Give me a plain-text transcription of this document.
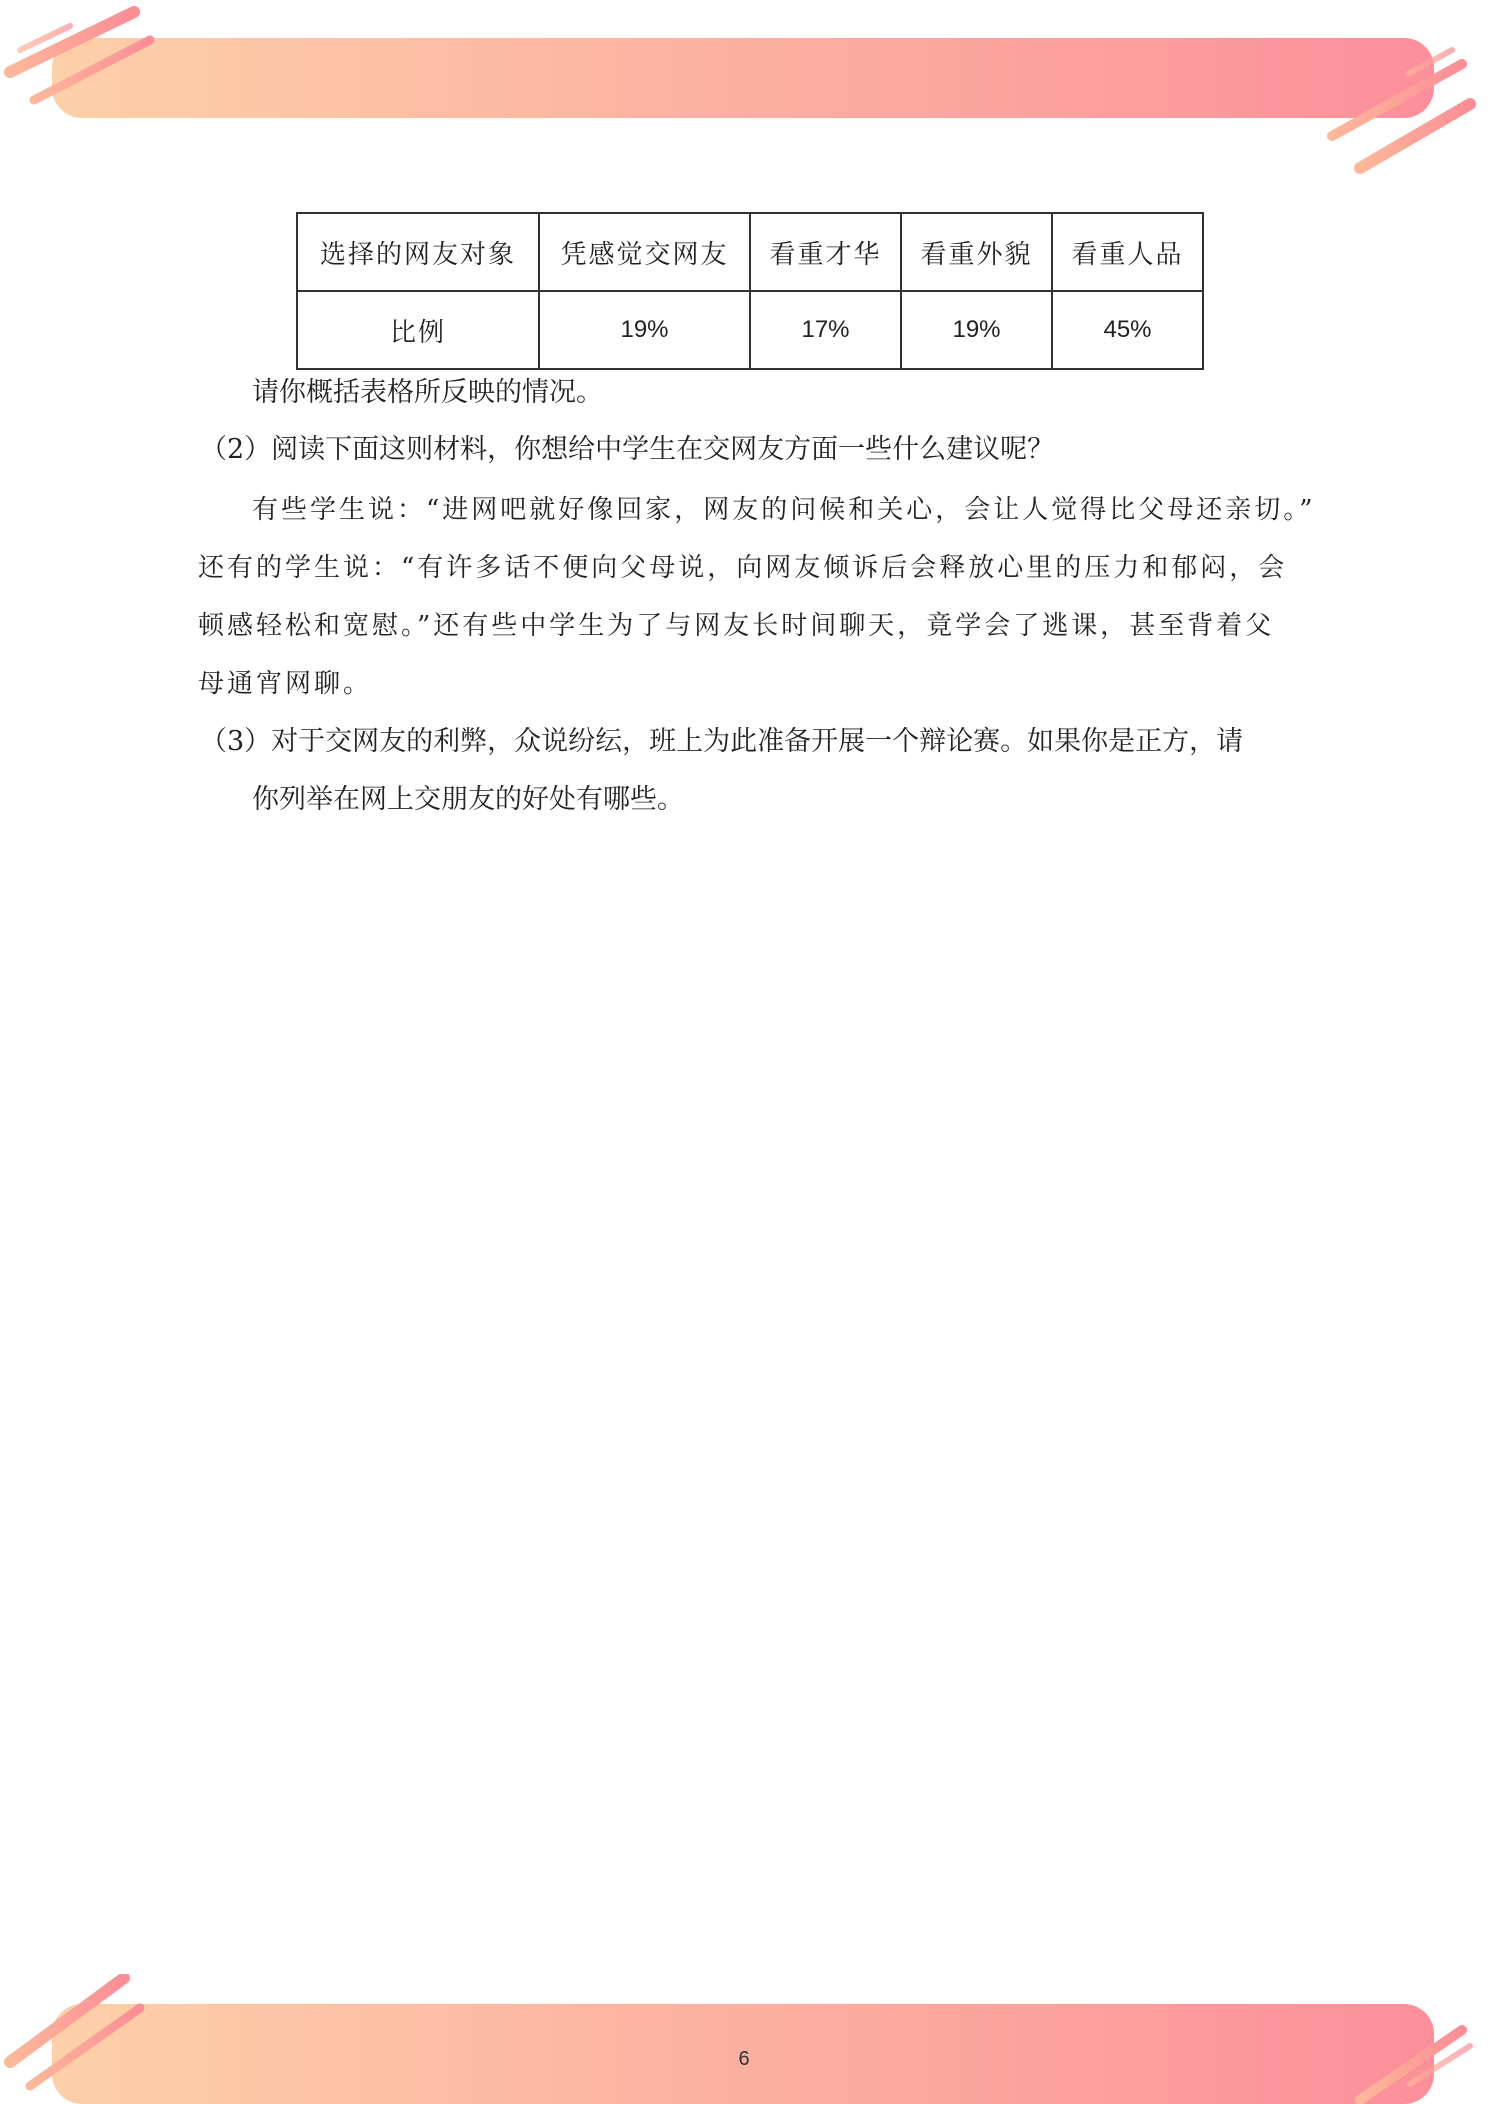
选择的网友对象	凭感觉交网友	看重才华	看重外貌	看重人品
比例	19%	17%	19%	45%
请你概括表格所反映的情况。
（2）阅读下面这则材料，你想给中学生在交网友方面一些什么建议呢？
有些学生说：“进网吧就好像回家，网友的问候和关心，会让人觉得比父母还亲切。”
还有的学生说：“有许多话不便向父母说，向网友倾诉后会释放心里的压力和郁闷，会
顿感轻松和宽慰。”还有些中学生为了与网友长时间聊天，竟学会了逃课，甚至背着父
母通宵网聊。
（3）对于交网友的利弊，众说纷纭，班上为此准备开展一个辩论赛。如果你是正方，请
你列举在网上交朋友的好处有哪些。
6
